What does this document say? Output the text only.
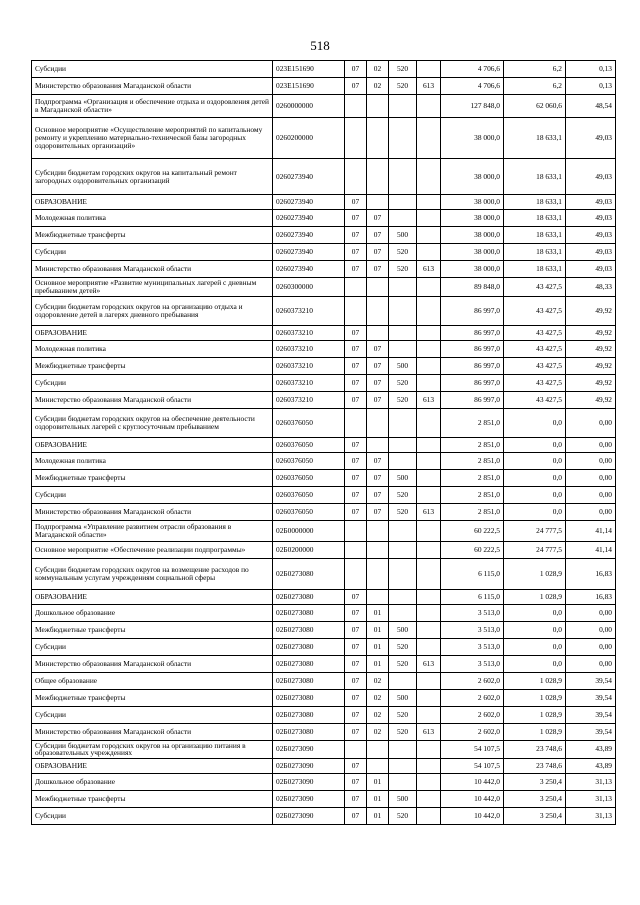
518
Субсидии	023E151690	07	02	520		4 706,6	6,2	0,13
Министерство образования Магаданской области	023E151690	07	02	520	613	4 706,6	6,2	0,13
Подпрограмма «Организация и обеспечение отдыха и оздоровления детей в Магаданской области»	0260000000					127 848,0	62 060,6	48,54
Основное мероприятие «Осуществление мероприятий по капитальному ремонту и укреплению материально-технической базы загородных оздоровительных организаций»	0260200000					38 000,0	18 633,1	49,03
Субсидии бюджетам городских округов на капитальный ремонт загородных оздоровительных организаций	0260273940					38 000,0	18 633,1	49,03
ОБРАЗОВАНИЕ	0260273940	07				38 000,0	18 633,1	49,03
Молодежная политика	0260273940	07	07			38 000,0	18 633,1	49,03
Межбюджетные трансферты	0260273940	07	07	500		38 000,0	18 633,1	49,03
Субсидии	0260273940	07	07	520		38 000,0	18 633,1	49,03
Министерство образования Магаданской области	0260273940	07	07	520	613	38 000,0	18 633,1	49,03
Основное мероприятие «Развитие муниципальных лагерей с дневным пребыванием детей»	0260300000					89 848,0	43 427,5	48,33
Субсидии бюджетам городских округов на организацию отдыха и оздоровление детей в лагерях дневного пребывания	0260373210					86 997,0	43 427,5	49,92
ОБРАЗОВАНИЕ	0260373210	07				86 997,0	43 427,5	49,92
Молодежная политика	0260373210	07	07			86 997,0	43 427,5	49,92
Межбюджетные трансферты	0260373210	07	07	500		86 997,0	43 427,5	49,92
Субсидии	0260373210	07	07	520		86 997,0	43 427,5	49,92
Министерство образования Магаданской области	0260373210	07	07	520	613	86 997,0	43 427,5	49,92
Субсидии бюджетам городских округов на обеспечение деятельности оздоровительных лагерей с круглосуточным пребыванием	0260376050					2 851,0	0,0	0,00
ОБРАЗОВАНИЕ	0260376050	07				2 851,0	0,0	0,00
Молодежная политика	0260376050	07	07			2 851,0	0,0	0,00
Межбюджетные трансферты	0260376050	07	07	500		2 851,0	0,0	0,00
Субсидии	0260376050	07	07	520		2 851,0	0,0	0,00
Министерство образования Магаданской области	0260376050	07	07	520	613	2 851,0	0,0	0,00
Подпрограмма «Управление развитием отрасли образования в Магаданской области»	02Б0000000					60 222,5	24 777,5	41,14
Основное мероприятие «Обеспечение реализации подпрограммы»	02Б0200000					60 222,5	24 777,5	41,14
Субсидии бюджетам городских округов на возмещение расходов по коммунальным услугам учреждениям социальной сферы	02Б0273080					6 115,0	1 028,9	16,83
ОБРАЗОВАНИЕ	02Б0273080	07				6 115,0	1 028,9	16,83
Дошкольное образование	02Б0273080	07	01			3 513,0	0,0	0,00
Межбюджетные трансферты	02Б0273080	07	01	500		3 513,0	0,0	0,00
Субсидии	02Б0273080	07	01	520		3 513,0	0,0	0,00
Министерство образования Магаданской области	02Б0273080	07	01	520	613	3 513,0	0,0	0,00
Общее образование	02Б0273080	07	02			2 602,0	1 028,9	39,54
Межбюджетные трансферты	02Б0273080	07	02	500		2 602,0	1 028,9	39,54
Субсидии	02Б0273080	07	02	520		2 602,0	1 028,9	39,54
Министерство образования Магаданской области	02Б0273080	07	02	520	613	2 602,0	1 028,9	39,54
Субсидии бюджетам городских округов на организацию питания в образовательных учреждениях	02Б0273090					54 107,5	23 748,6	43,89
ОБРАЗОВАНИЕ	02Б0273090	07				54 107,5	23 748,6	43,89
Дошкольное образование	02Б0273090	07	01			10 442,0	3 250,4	31,13
Межбюджетные трансферты	02Б0273090	07	01	500		10 442,0	3 250,4	31,13
Субсидии	02Б0273090	07	01	520		10 442,0	3 250,4	31,13
